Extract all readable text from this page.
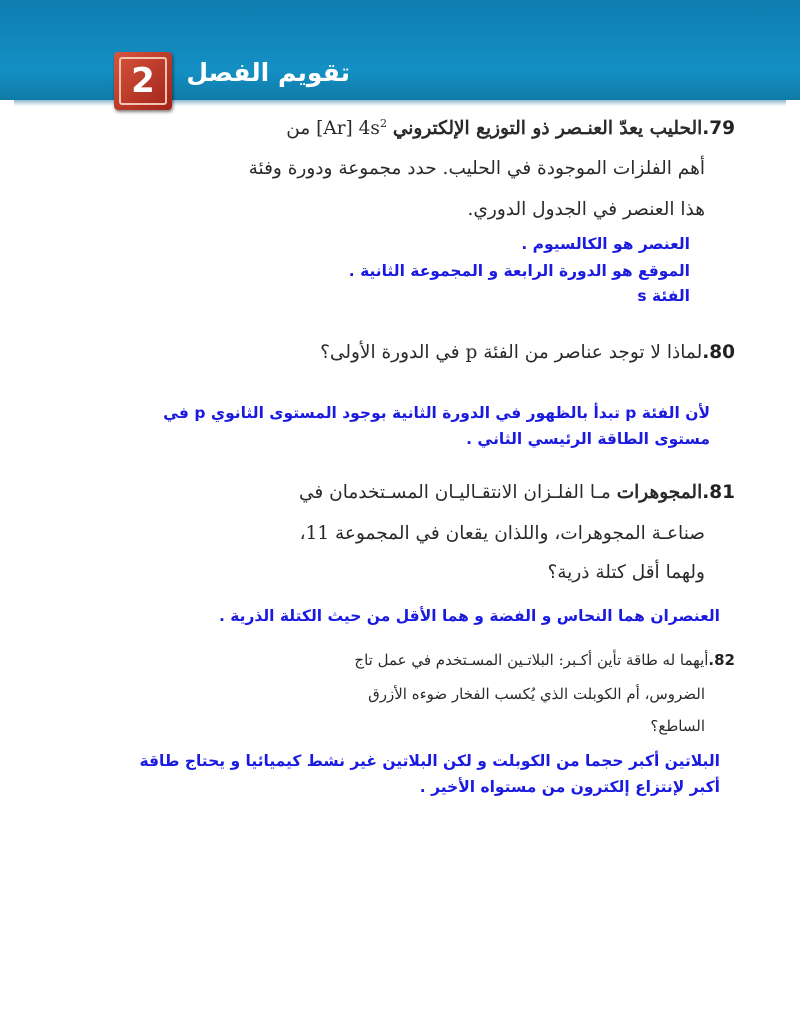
تقويم الفصل
2
79.الحليب يعدّ العنـصر ذو التوزيع الإلكتروني [Ar] $4s^2$ من
أهم الفلزات الموجودة في الحليب. حدد مجموعة ودورة وفئة
هذا العنصر في الجدول الدوري.
العنصر هو الكالسيوم .
الموقع هو الدورة الرابعة و المجموعة الثانية .
الفئة s
80.لماذا لا توجد عناصر من الفئة p في الدورة الأولى؟
لأن الفئة p تبدأ بالظهور في الدورة الثانية بوجود المستوى الثانوي p في
مستوى الطاقة الرئيسي الثاني .
81.المجوهرات مـا الفلـزان الانتقـاليـان المسـتخدمان في
صناعـة المجوهرات، واللذان يقعان في المجموعة 11،
ولهما أقل كتلة ذرية؟
العنصران هما النحاس و الفضة و هما الأقل من حيث الكتلة الذرية .
82.أيهما له طاقة تأين أكـبر: البلاتـين المسـتخدم في عمل تاج
الضروس، أم الكوبلت الذي يُكسب الفخار ضوءه الأزرق
الساطع؟
البلاتين أكبر حجما من الكوبلت و لكن البلاتين غير نشط كيميائيا و يحتاج طاقة
أكبر لإنتزاع إلكترون من مستواه الأخير .
